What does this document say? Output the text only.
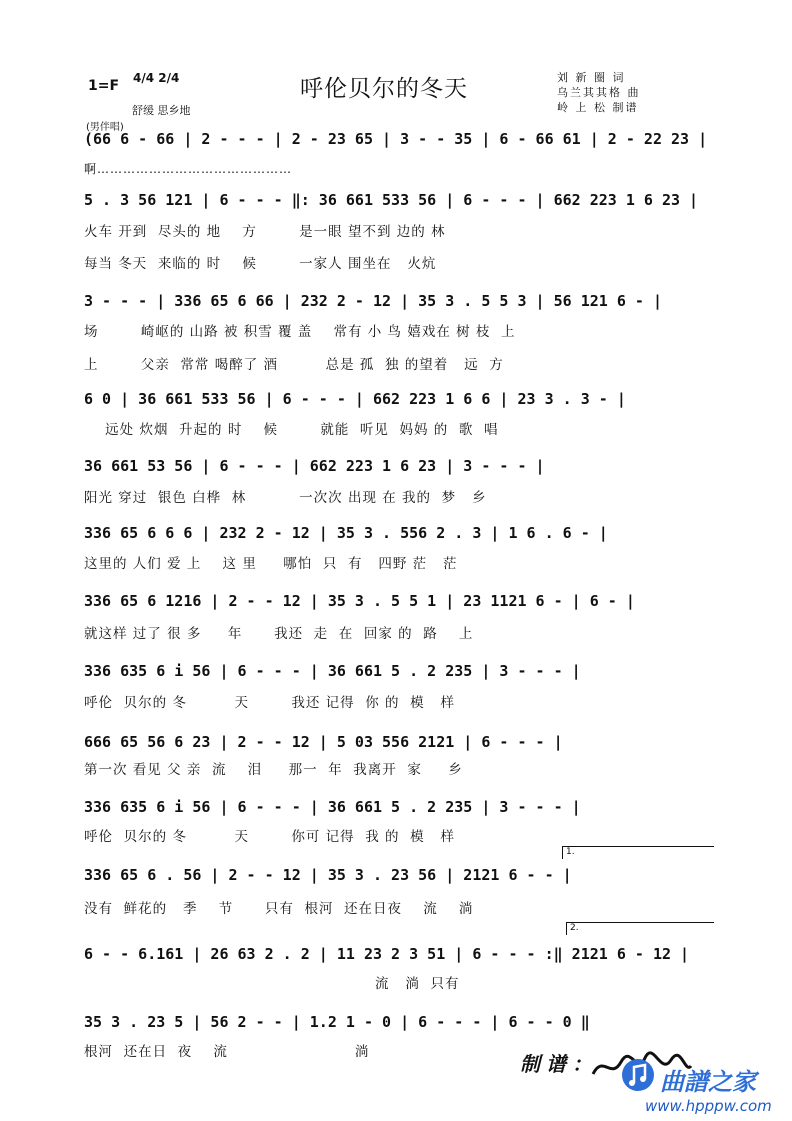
1=F 4/4 2/4
舒缓 思乡地
呼伦贝尔的冬天	刘 新 圈 词
乌兰其其格 曲
岭 上 松 制谱
(男伴唱)
(66 6 - 66 | 2 - - - | 2 - 23 65 | 3 - - 35 | 6 - 66 61 | 2 - 22 23 |
啊………………………………………
5 . 3 56 121 | 6 - - - ‖: 36 661 533 56 | 6 - - - | 662 223 1 6 23 |
火车 开到  尽头的 地    方        是一眼 望不到 边的 林
每当 冬天  来临的 时    候        一家人 围坐在   火炕
3 - - - | 336 65 6 66 | 232 2 - 12 | 35 3 . 5 5 3 | 56 121 6 - |
场        崎岖的 山路 被 积雪 覆 盖    常有 小 鸟 嬉戏在 树 枝  上
上        父亲  常常 喝醉了 酒         总是 孤  独 的望着   远  方
6 0 | 36 661 533 56 | 6 - - - | 662 223 1 6 6 | 23 3 . 3 - |
远处 炊烟  升起的 时    候        就能  听见  妈妈 的  歌  唱
36 661 53 56 | 6 - - - | 662 223 1 6 23 | 3 - - - |
阳光 穿过  银色 白桦  林          一次次 出现 在 我的  梦   乡
336 65 6 6 6 | 232 2 - 12 | 35 3 . 556 2 . 3 | 1 6 . 6 - |
这里的 人们 爱 上    这 里     哪怕  只  有   四野 茫   茫
336 65 6 1216 | 2 - - 12 | 35 3 . 5 5 1 | 23 1121 6 - | 6 - |
就这样 过了 很 多     年      我还  走  在  回家 的  路    上
336 635 6 i 56 | 6 - - - | 36 661 5 . 2 235 | 3 - - - |
呼伦  贝尔的 冬         天        我还 记得  你 的  模   样
666 65 56 6 23 | 2 - - 12 | 5 03 556 2121 | 6 - - - |
第一次 看见 父 亲  流    泪     那一  年  我离开  家     乡
336 635 6 i 56 | 6 - - - | 36 661 5 . 2 235 | 3 - - - |
呼伦  贝尔的 冬         天        你可 记得  我 的  模   样
1.
336 65 6 . 56 | 2 - - 12 | 35 3 . 23 56 | 2121 6 - - |
没有  鲜花的   季    节      只有  根河  还在日夜    流    淌
2.
6 - - 6.161 | 26 63 2 . 2 | 11 23 2 3 51 | 6 - - - :‖ 2121 6 - 12 |
流   淌  只有
35 3 . 23 5 | 56 2 - - | 1.2 1 - 0 | 6 - - - | 6 - - 0 ‖
根河  还在日  夜    流                        淌	制谱：
曲譜之家
www.hpppw.com
